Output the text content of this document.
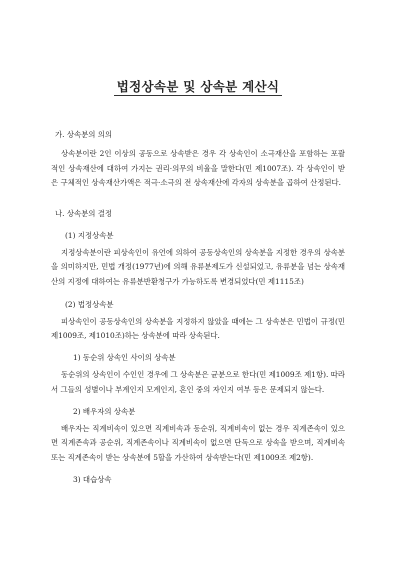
법정상속분 및 상속분 계산식
가. 상속분의 의의

상속분이란 2인 이상의 공동으로 상속받은 경우 각 상속인이 소극재산을 포함하는 포괄적인 상속재산에 대하여 가지는 권리·의무의 비율을 말한다(민 제1007조). 각 상속인이 받은 구체적인 상속재산가액은 적극·소극의 전 상속재산에 각자의 상속분을 곱하여 산정된다.

나. 상속분의 결정
(1) 지정상속분

지정상속분이란 피상속인이 유언에 의하여 공동상속인의 상속분을 지정한 경우의 상속분을 의미하지만, 민법 개정(1977년)에 의해 유류분제도가 신설되었고, 유류분을 넘는 상속재산의 지정에 대하여는 유류분반환청구가 가능하도록 변경되었다(민 제1115조)

(2) 법정상속분

피상속인이 공동상속인의 상속분을 지정하지 않았을 때에는 그 상속분은 민법이 규정(민 제1009조, 제1010조)하는 상속분에 따라 상속된다.

1) 동순위 상속인 사이의 상속분

동순위의 상속인이 수인인 경우에 그 상속분은 균분으로 한다(민 제1009조 제1항). 따라서 그들의 성별이나 부계인지 모계인지, 혼인 중의 자인지 여부 등은 문제되지 않는다.

2) 배우자의 상속분

배우자는 직계비속이 있으면 직계비속과 동순위, 직계비속이 없는 경우 직계존속이 있으면 직계존속과 공순위, 직계존속이나 직계비속이 없으면 단독으로 상속을 받으며, 직계비속 또는 직계존속이 받는 상속분에 5할을 가산하여 상속받는다(민 제1009조 제2항).

3) 대습상속
